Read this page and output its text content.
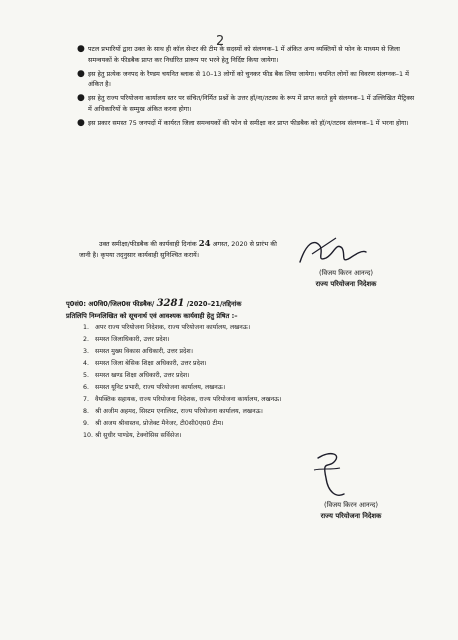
2
● पटल प्रभारियों द्वारा उक्त के साथ ही कॉल सेन्टर की टीम के सदस्यों को संलग्नक–1 में अंकित अन्य व्यक्तियों से फोन के माध्यम से जिला समन्वयकों के फीडबैक प्राप्त कर निर्धारित प्रारूप पर भरने हेतु निर्दिष्ट किया जायेगा।
● इस हेतु प्रत्येक जनपद के रैण्डम चयनित ब्लाक से 10–13 लोगों को चुनकर फीड बैक लिया जायेगा। चयनित लोगों का विवरण संलग्नक–1 में अंकित है।
● इस हेतु राज्य परियोजना कार्यालय स्तर पर संचित/निर्मित प्रश्नों के उत्तर हॉ/ना/तटस्थ के रूप में प्राप्त करते हुये संलग्नक–1 में उल्लिखित मैट्रिक्स में अधिकारियों के सम्मुख अंकित करना होगा।
● इस प्रकार समस्त 75 जनपदों में कार्यरत जिला समन्वयकों की फोन से समीक्षा कर प्राप्त फीडबैक को हॉ/न/तटस्थ संलग्नक–1 में भरना होगा।
उक्त समीक्षा/फीडबैक की कार्यवाही दिनांक 24 अगस्त, 2020 से प्रारंभ की
जानी है। कृपया तद्नुसार कार्यवाही सुनिश्चित करायें।
(विजय किरन आनन्द)
राज्य परियोजना निदेशक
पृ0सं0: अ0वि0/जिल0स फीडबैक/ 3281 /2020–21/तद्दिनांक
प्रतिलिपि निम्नलिखित को सूचनार्थ एवं आवश्यक कार्यवाही हेतु प्रेषित :–
1. अपर राज्य परियोजना निदेशक, राज्य परियोजना कार्यालय, लखनऊ।
2. समस्त जिलाधिकारी, उत्तर प्रदेश।
3. समस्त मुख्य विकास अधिकारी, उत्तर प्रदेश।
4. समस्त जिला बेसिक शिक्षा अधिकारी, उत्तर प्रदेश।
5. समस्त खण्ड शिक्षा अधिकारी, उत्तर प्रदेश।
6. समस्त यूनिट प्रभारी, राज्य परियोजना कार्यालय, लखनऊ।
7. वैयक्तिक सहायक, राज्य परियोजना निदेशक, राज्य परियोजना कार्यालय, लखनऊ।
8. श्री अजीम अहमद, सिस्टम एनालिस्ट, राज्य परियोजना कार्यालय, लखनऊ।
9. श्री अजय श्रीवास्तव, प्रोजेक्ट मैनेजर, टी0सी0एस0 टीम।
10. श्री सुधीर पाण्डेय, टेक्नोसिस सर्विसेज।
(विजय किरन आनन्द)
राज्य परियोजना निदेशक
